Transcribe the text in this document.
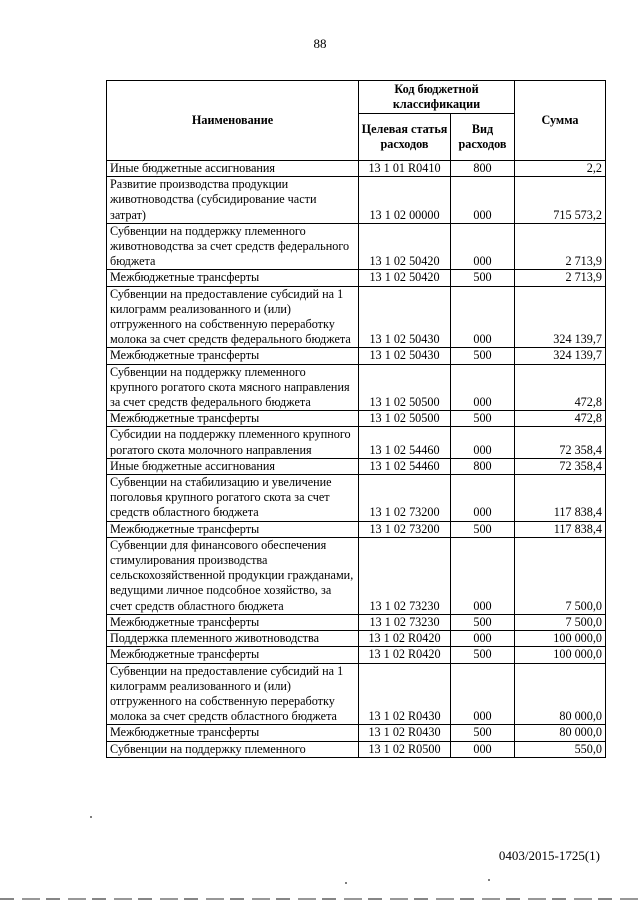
88
Наименование	Код бюджетной классификации		Сумма
	Целевая статья расходов	Вид расходов	
Иные бюджетные ассигнования	13 1 01 R0410	800	2,2
Развитие производства продукции животноводства (субсидирование части затрат)	13 1 02 00000	000	715 573,2
Субвенции на поддержку племенного животноводства за счет средств федерального бюджета	13 1 02 50420	000	2 713,9
Межбюджетные трансферты	13 1 02 50420	500	2 713,9
Субвенции на предоставление субсидий на 1 килограмм реализованного и (или) отгруженного на собственную переработку молока за счет средств федерального бюджета	13 1 02 50430	000	324 139,7
Межбюджетные трансферты	13 1 02 50430	500	324 139,7
Субвенции на поддержку племенного крупного рогатого скота мясного направления за счет средств федерального бюджета	13 1 02 50500	000	472,8
Межбюджетные трансферты	13 1 02 50500	500	472,8
Субсидии на поддержку племенного крупного рогатого скота молочного направления	13 1 02 54460	000	72 358,4
Иные бюджетные ассигнования	13 1 02 54460	800	72 358,4
Субвенции на стабилизацию и увеличение поголовья крупного рогатого скота за счет средств областного бюджета	13 1 02 73200	000	117 838,4
Межбюджетные трансферты	13 1 02 73200	500	117 838,4
Субвенции для финансового обеспечения стимулирования производства сельскохозяйственной продукции гражданами, ведущими личное подсобное хозяйство, за счет средств областного бюджета	13 1 02 73230	000	7 500,0
Межбюджетные трансферты	13 1 02 73230	500	7 500,0
Поддержка племенного животноводства	13 1 02 R0420	000	100 000,0
Межбюджетные трансферты	13 1 02 R0420	500	100 000,0
Субвенции на предоставление субсидий на 1 килограмм реализованного и (или) отгруженного на собственную переработку молока за счет средств областного бюджета	13 1 02 R0430	000	80 000,0
Межбюджетные трансферты	13 1 02 R0430	500	80 000,0
Субвенции на поддержку племенного	13 1 02 R0500	000	550,0
0403/2015-1725(1)
